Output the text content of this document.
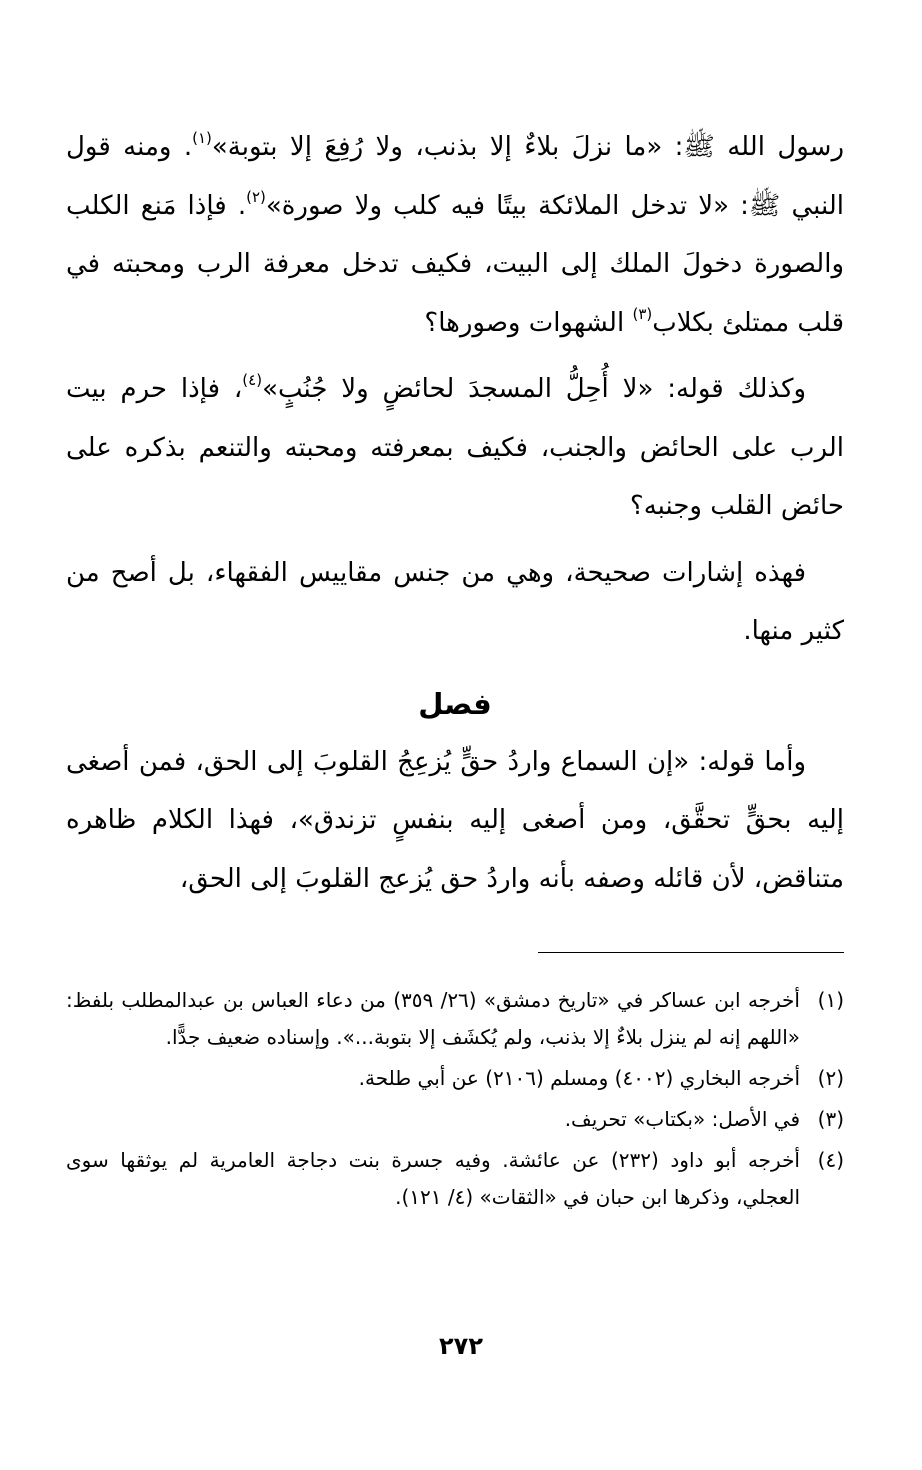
رسول الله ﷺ: «ما نزلَ بلاءٌ إلا بذنب، ولا رُفِعَ إلا بتوبة»$^{(١)}$. ومنه قول النبي ﷺ: «لا تدخل الملائكة بيتًا فيه كلب ولا صورة»$^{(٢)}$. فإذا مَنع الكلب والصورة دخولَ الملك إلى البيت، فكيف تدخل معرفة الرب ومحبته في قلب ممتلئ بكلاب$^{(٣)}$ الشهوات وصورها؟

وكذلك قوله: «لا أُحِلُّ المسجدَ لحائضٍ ولا جُنُبٍ»$^{(٤)}$، فإذا حرم بيت الرب على الحائض والجنب، فكيف بمعرفته ومحبته والتنعم بذكره على حائض القلب وجنبه؟

فهذه إشارات صحيحة، وهي من جنس مقاييس الفقهاء، بل أصح من كثير منها.

فصل

وأما قوله: «إن السماع واردُ حقٍّ يُزعِجُ القلوبَ إلى الحق، فمن أصغى إليه بحقٍّ تحقَّق، ومن أصغى إليه بنفسٍ تزندق»، فهذا الكلام ظاهره متناقض، لأن قائله وصفه بأنه واردُ حق يُزعج القلوبَ إلى الحق،

(١)
أخرجه ابن عساكر في «تاريخ دمشق» (٢٦/ ٣٥٩) من دعاء العباس بن عبدالمطلب بلفظ: «اللهم إنه لم ينزل بلاءٌ إلا بذنب، ولم يُكشَف إلا بتوبة...». وإسناده ضعيف جدًّا.
(٢)
أخرجه البخاري (٤٠٠٢) ومسلم (٢١٠٦) عن أبي طلحة.
(٣)
في الأصل: «بكتاب» تحريف.
(٤)
أخرجه أبو داود (٢٣٢) عن عائشة. وفيه جسرة بنت دجاجة العامرية لم يوثقها سوى العجلي، وذكرها ابن حبان في «الثقات» (٤/ ١٢١).
٢٧٢
